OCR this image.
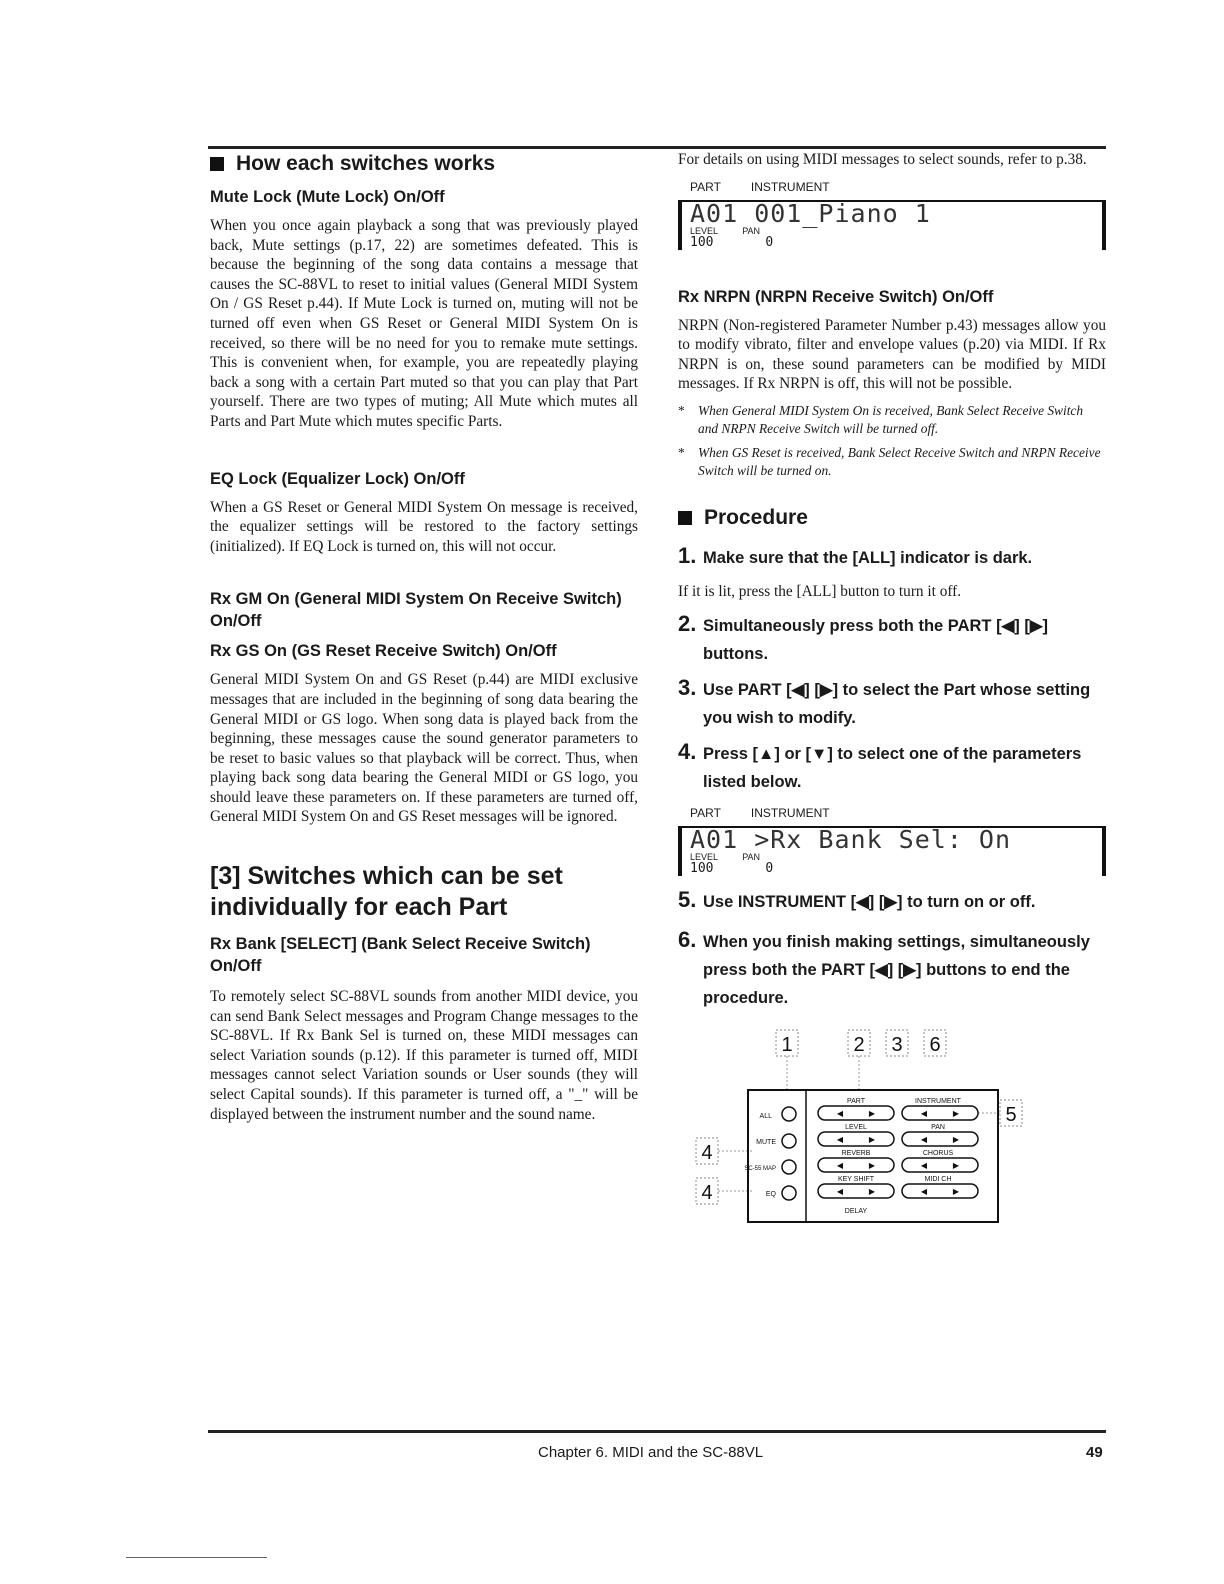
How each switches works
Mute Lock (Mute Lock) On/Off

When you once again playback a song that was previously played back, Mute settings (p.17, 22) are sometimes defeated. This is because the beginning of the song data contains a message that causes the SC-88VL to reset to initial values (General MIDI System On / GS Reset p.44). If Mute Lock is turned on, muting will not be turned off even when GS Reset or General MIDI System On is received, so there will be no need for you to remake mute settings. This is convenient when, for example, you are repeatedly playing back a song with a certain Part muted so that you can play that Part yourself. There are two types of muting; All Mute which mutes all Parts and Part Mute which mutes specific Parts.

EQ Lock (Equalizer Lock) On/Off

When a GS Reset or General MIDI System On message is received, the equalizer settings will be restored to the factory settings (initialized). If EQ Lock is turned on, this will not occur.

Rx GM On (General MIDI System On Receive Switch) On/Off
Rx GS On (GS Reset Receive Switch) On/Off

General MIDI System On and GS Reset (p.44) are MIDI exclusive messages that are included in the beginning of song data bearing the General MIDI or GS logo. When song data is played back from the beginning, these messages cause the sound generator parameters to be reset to basic values so that playback will be correct. Thus, when playing back song data bearing the General MIDI or GS logo, you should leave these parameters on. If these parameters are turned off, General MIDI System On and GS Reset messages will be ignored.

[3] Switches which can be set individually for each Part
Rx Bank [SELECT] (Bank Select Receive Switch) On/Off

To remotely select SC-88VL sounds from another MIDI device, you can send Bank Select messages and Program Change messages to the SC-88VL. If Rx Bank Sel is turned on, these MIDI messages can select Variation sounds (p.12). If this parameter is turned off, MIDI messages cannot select Variation sounds or User sounds (they will select Capital sounds). If this parameter is turned off, a "_" will be displayed between the instrument number and the sound name.

For details on using MIDI messages to select sounds, refer to p.38.

PART	INSTRUMENT
A01 001_Piano 1
LEVEL	PAN
100	0
Rx NRPN (NRPN Receive Switch) On/Off

NRPN (Non-registered Parameter Number p.43) messages allow you to modify vibrato, filter and envelope values (p.20) via MIDI. If Rx NRPN is on, these sound parameters can be modified by MIDI messages. If Rx NRPN is off, this will not be possible.

* When General MIDI System On is received, Bank Select Receive Switch and NRPN Receive Switch will be turned off.
* When GS Reset is received, Bank Select Receive Switch and NRPN Receive Switch will be turned on.
Procedure
1. Make sure that the [ALL] indicator is dark.

If it is lit, press the [ALL] button to turn it off.

2. Simultaneously press both the PART [◀] [▶] buttons.
3. Use PART [◀] [▶] to select the Part whose setting you wish to modify.
4. Press [▲] or [▼] to select one of the parameters listed below.
PART	INSTRUMENT
A01 >Rx Bank Sel: On
LEVEL	PAN
100	0
5. Use INSTRUMENT [◀] [▶] to turn on or off.
6. When you finish making settings, simultaneously press both the PART [◀] [▶] buttons to end the procedure.
1	2 3 6
5
4
4
ALL
MUTE
SC-55 MAP
EQ
PART	INSTRUMENT
LEVEL	PAN
REVERB	CHORUS
KEY SHIFT	MIDI CH
DELAY
◀	▶	◀	▶
◀	▶	◀	▶
◀	▶	◀	▶
◀	▶	◀	▶
Chapter 6. MIDI and the SC-88VL	49
